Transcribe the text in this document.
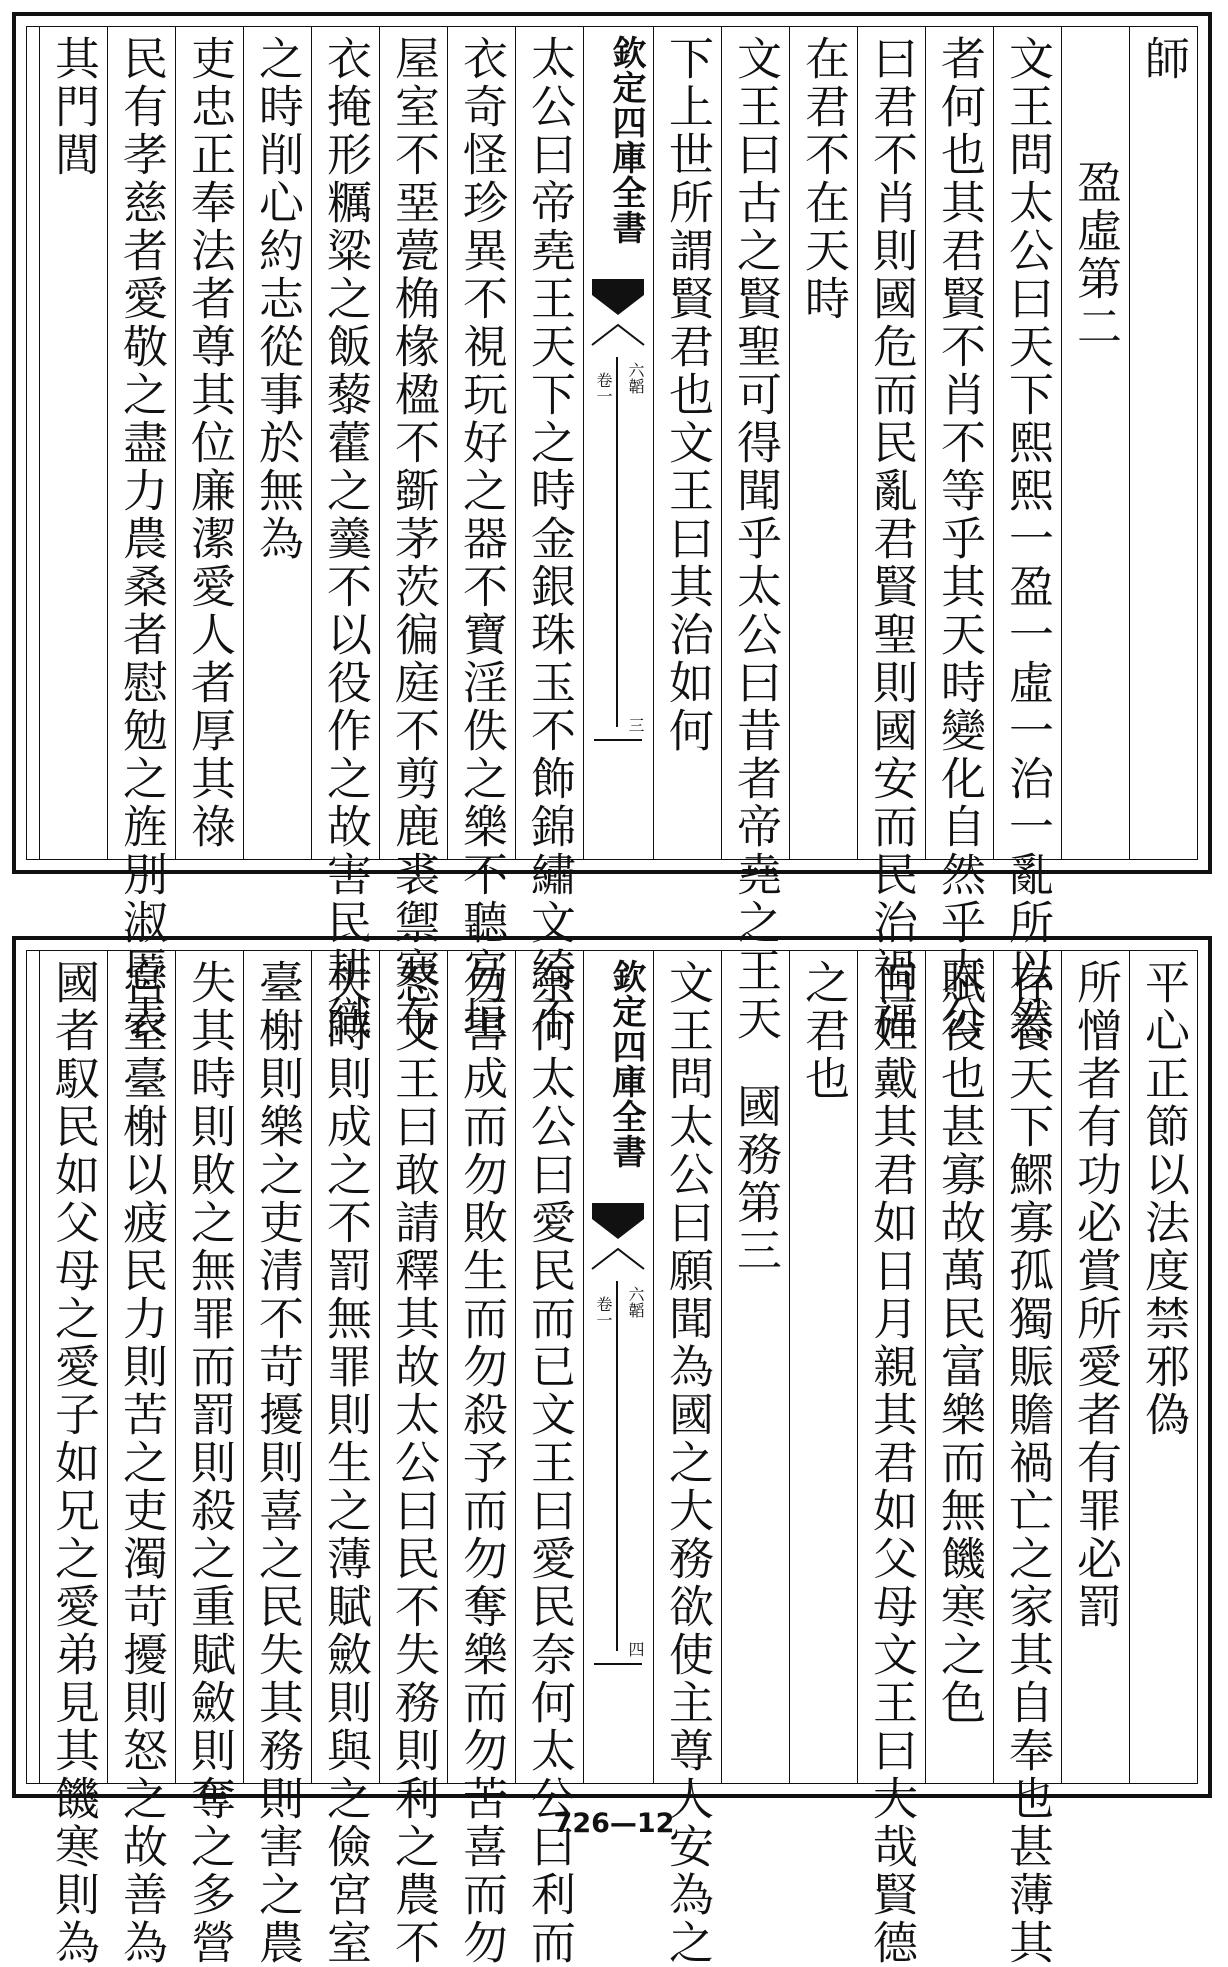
師
盈虛第二
文王問太公曰天下熙熙一盈一虛一治一亂所以然
者何也其君賢不肖不等乎其天時變化自然乎太公
曰君不肖則國危而民亂君賢聖則國安而民治禍福
在君不在天時
文王曰古之賢聖可得聞乎太公曰昔者帝堯之王天
下上世所謂賢君也文王曰其治如何
欽定四庫全書
六韜
卷一
三
太公曰帝堯王天下之時金銀珠玉不飾錦繡文綺不
衣奇怪珍異不視玩好之器不寶淫佚之樂不聽宮垣
屋室不堊甍桷椽楹不斵茅茨徧庭不剪鹿裘禦寒布
衣掩形糲粱之飯藜藿之羹不以役作之故害民耕織
之時削心約志從事於無為
吏忠正奉法者尊其位廉潔愛人者厚其祿
民有孝慈者愛敬之盡力農桑者慰勉之旌別淑慝表
其門閭
平心正節以法度禁邪偽
所憎者有功必賞所愛者有罪必罰
存養天下鰥寡孤獨賑贍禍亡之家其自奉也甚薄其
賦役也甚寡故萬民富樂而無饑寒之色
百姓戴其君如日月親其君如父母文王曰大哉賢德
之君也
國務第三
文王問太公曰願聞為國之大務欲使主尊人安為之
欽定四庫全書
六韜
卷一
四
奈何太公曰愛民而已文王曰愛民奈何太公曰利而
勿害成而勿敗生而勿殺予而勿奪樂而勿苦喜而勿
怒文王曰敢請釋其故太公曰民不失務則利之農不
失時則成之不罰無罪則生之薄賦斂則與之儉宮室
臺榭則樂之吏清不苛擾則喜之民失其務則害之農
失其時則敗之無罪而罰則殺之重賦斂則奪之多營
宮室臺榭以疲民力則苦之吏濁苛擾則怒之故善為
國者馭民如父母之愛子如兄之愛弟見其饑寒則為	726—12
